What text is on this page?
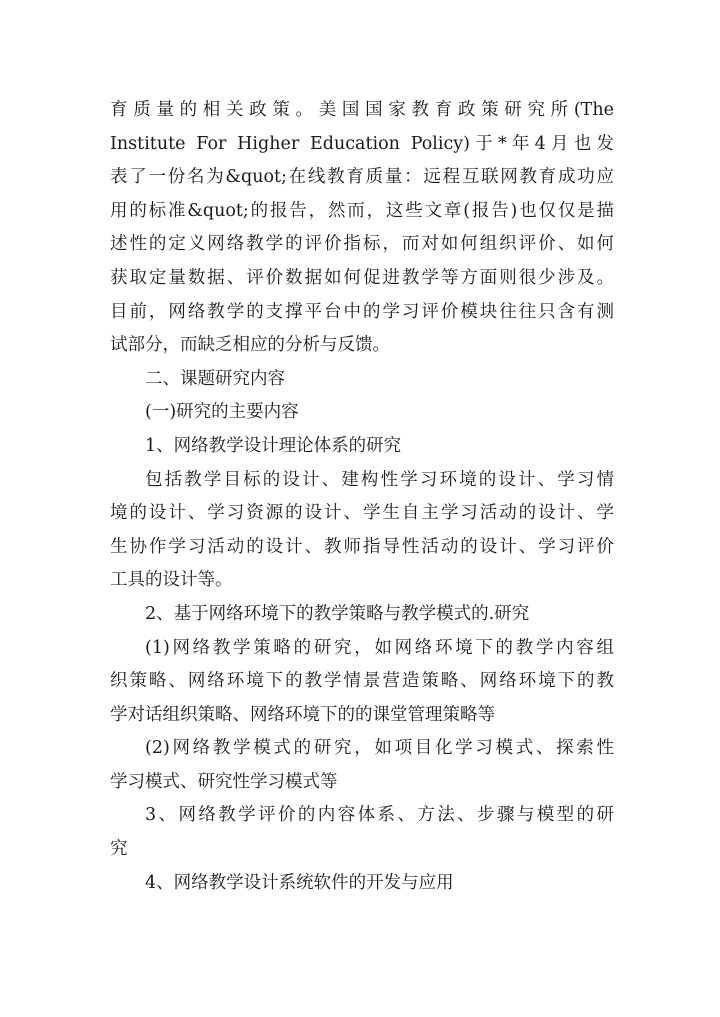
育质量的相关政策。美国国家教育政策研究所(The
Institute For Higher Education Policy)于*年4月也发
表了一份名为&quot;在线教育质量：远程互联网教育成功应
用的标准&quot;的报告，然而，这些文章(报告)也仅仅是描
述性的定义网络教学的评价指标，而对如何组织评价、如何
获取定量数据、评价数据如何促进教学等方面则很少涉及。
目前，网络教学的支撑平台中的学习评价模块往往只含有测
试部分，而缺乏相应的分析与反馈。
二、课题研究内容
(一)研究的主要内容
1、网络教学设计理论体系的研究
包括教学目标的设计、建构性学习环境的设计、学习情
境的设计、学习资源的设计、学生自主学习活动的设计、学
生协作学习活动的设计、教师指导性活动的设计、学习评价
工具的设计等。
2、基于网络环境下的教学策略与教学模式的.研究
(1)网络教学策略的研究，如网络环境下的教学内容组
织策略、网络环境下的教学情景营造策略、网络环境下的教
学对话组织策略、网络环境下的的课堂管理策略等
(2)网络教学模式的研究，如项目化学习模式、探索性
学习模式、研究性学习模式等
3、网络教学评价的内容体系、方法、步骤与模型的研
究
4、网络教学设计系统软件的开发与应用
